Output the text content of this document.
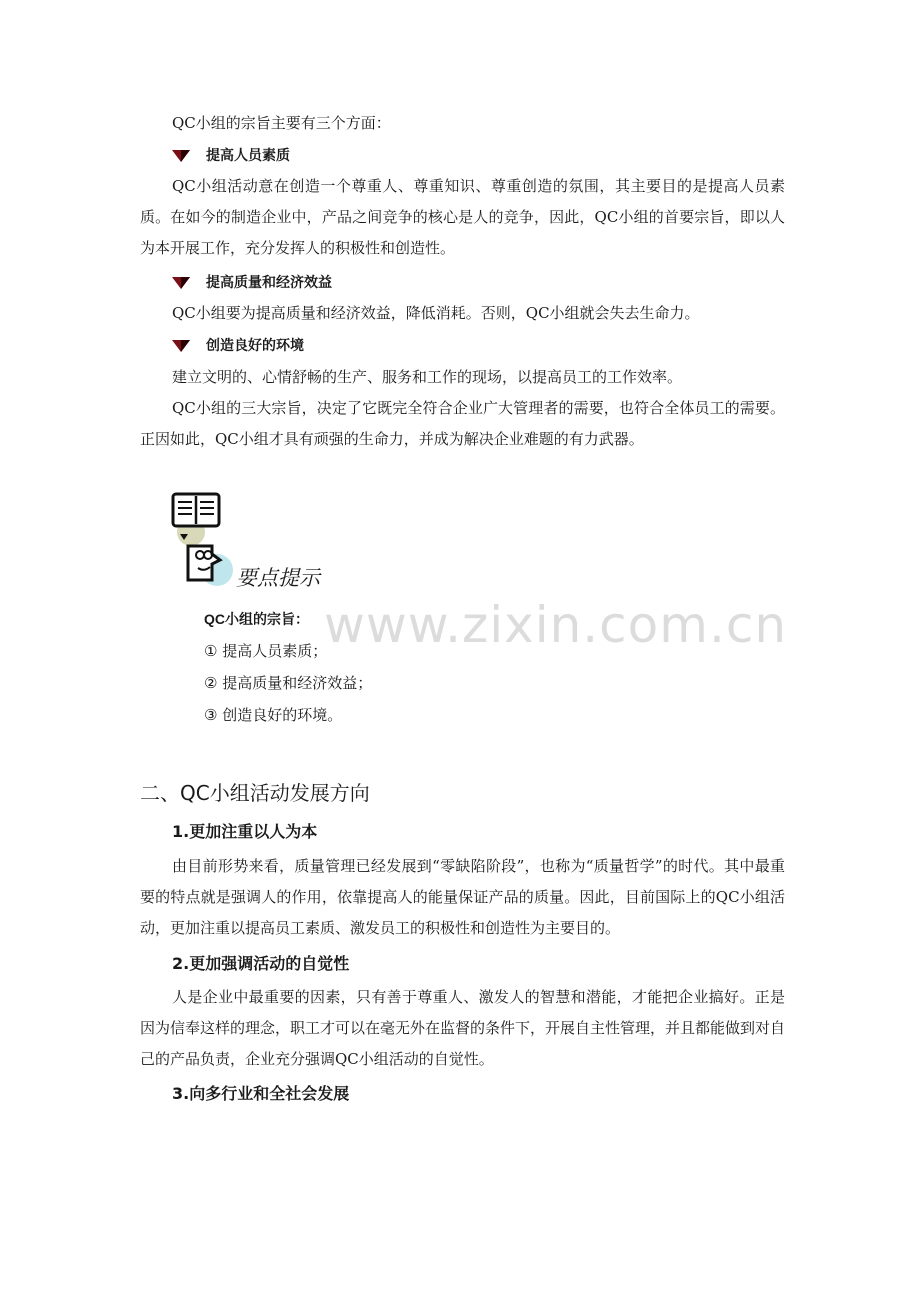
QC小组的宗旨主要有三个方面：

提高人员素质

QC小组活动意在创造一个尊重人、尊重知识、尊重创造的氛围，其主要目的是提高人员素质。在如今的制造企业中，产品之间竞争的核心是人的竞争，因此，QC小组的首要宗旨，即以人为本开展工作，充分发挥人的积极性和创造性。

提高质量和经济效益

QC小组要为提高质量和经济效益，降低消耗。否则，QC小组就会失去生命力。

创造良好的环境

建立文明的、心情舒畅的生产、服务和工作的现场，以提高员工的工作效率。

QC小组的三大宗旨，决定了它既完全符合企业广大管理者的需要，也符合全体员工的需要。正因如此，QC小组才具有顽强的生命力，并成为解决企业难题的有力武器。

要点提示
www.zixin.com.cn
QC小组的宗旨：
① 提高人员素质；
② 提高质量和经济效益；
③ 创造良好的环境。
二、QC小组活动发展方向
1.更加注重以人为本

由目前形势来看，质量管理已经发展到“零缺陷阶段”，也称为“质量哲学”的时代。其中最重要的特点就是强调人的作用，依靠提高人的能量保证产品的质量。因此，目前国际上的QC小组活动，更加注重以提高员工素质、激发员工的积极性和创造性为主要目的。

2.更加强调活动的自觉性

人是企业中最重要的因素，只有善于尊重人、激发人的智慧和潜能，才能把企业搞好。正是因为信奉这样的理念，职工才可以在毫无外在监督的条件下，开展自主性管理，并且都能做到对自己的产品负责，企业充分强调QC小组活动的自觉性。

3.向多行业和全社会发展
